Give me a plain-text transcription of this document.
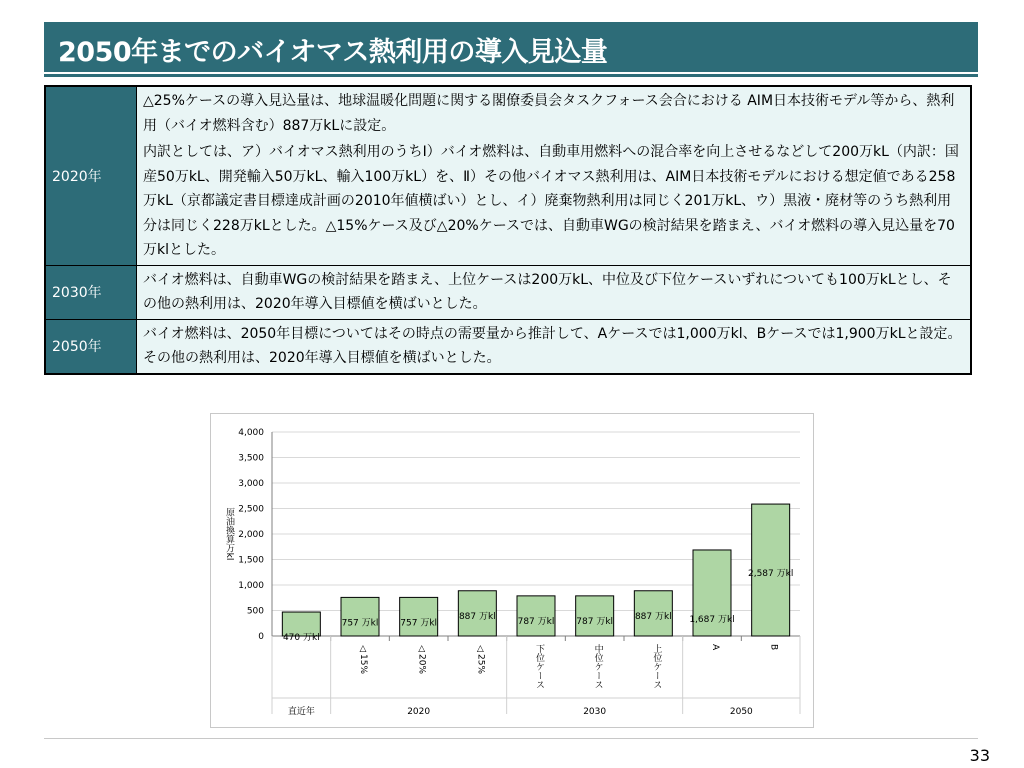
2050年までのバイオマス熱利用の導入見込量
2020年	△25%ケースの導入見込量は、地球温暖化問題に関する閣僚委員会タスクフォース会合における AIM日本技術モデル等から、熱利用（バイオ燃料含む）887万kLに設定。

内訳としては、ア）バイオマス熱利用のうちⅠ）バイオ燃料は、自動車用燃料への混合率を向上させるなどして200万kL（内訳：国産50万kL、開発輸入50万kL、輸入100万kL）を、Ⅱ）その他バイオマス熱利用は、AIM日本技術モデルにおける想定値である258万kL（京都議定書目標達成計画の2010年値横ばい）とし、イ）廃棄物熱利用は同じく201万kL、ウ）黒液・廃材等のうち熱利用分は同じく228万kLとした。△15%ケース及び△20%ケースでは、自動車WGの検討結果を踏まえ、バイオ燃料の導入見込量を70万klとした。

2030年	バイオ燃料は、自動車WGの検討結果を踏まえ、上位ケースは200万kL、中位及び下位ケースいずれについても100万kLとし、その他の熱利用は、2020年導入目標値を横ばいとした。

2050年	バイオ燃料は、2050年目標についてはその時点の需要量から推計して、Aケースでは1,000万kl、Bケースでは1,900万kLと設定。その他の熱利用は、2020年導入目標値を横ばいとした。

0
500
1,000
1,500
2,000
2,500
3,000
3,500
4,000
原油換算万kl
470 万kl
757 万kl
△15%
757 万kl
△20%
887 万kl
△25%
787 万kl
下位ケース
787 万kl
中位ケース
887 万kl
上位ケース
1,687 万kl
A
2,587 万kl
B
直近年	2020	2030	2050
33
